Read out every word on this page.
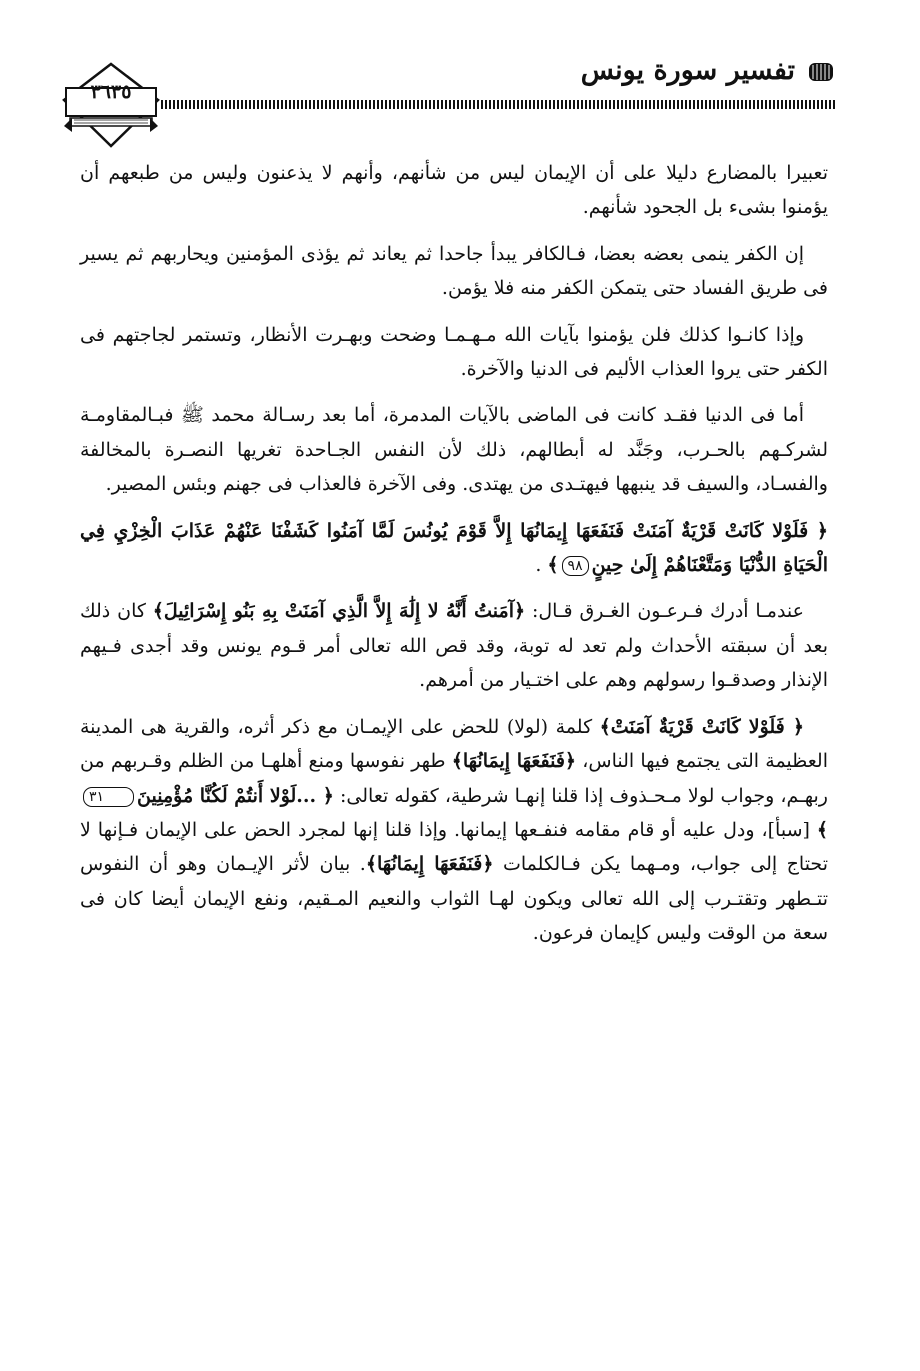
تفسير سورة يونس
٣٦٣٥

تعبيرا بالمضارع دليلا على أن الإيمان ليس من شأنهم، وأنهم لا يذعنون وليس من طبعهم أن يؤمنوا بشىء بل الجحود شأنهم.

إن الكفر ينمى بعضه بعضا، فـالكافر يبدأ جاحدا ثم يعاند ثم يؤذى المؤمنين ويحاربهم ثم يسير فى طريق الفساد حتى يتمكن الكفر منه فلا يؤمن.

وإذا كانـوا كذلك فلن يؤمنوا بآيات الله مـهـمـا وضحت وبهـرت الأنظار، وتستمر لجاجتهم فى الكفر حتى يروا العذاب الأليم فى الدنيا والآخرة.

أما فى الدنيا فقـد كانت فى الماضى بالآيات المدمرة، أما بعد رسـالة محمد ﷺ فبـالمقاومـة لشركـهم بالحـرب، وجَنَّد له أبطالهم، ذلك لأن النفس الجـاحدة تغريها النصـرة بالمخالفة والفسـاد، والسيف قد ينبهها فيهتـدى من يهتدى. وفى الآخرة فالعذاب فى جهنم وبئس المصير.

﴿ فَلَوْلا كَانَتْ قَرْيَةٌ آمَنَتْ فَنَفَعَهَا إِيمَانُهَا إِلاَّ قَوْمَ يُونُسَ لَمَّا آمَنُوا كَشَفْنَا عَنْهُمْ عَذَابَ الْخِزْيِ فِي الْحَيَاةِ الدُّنْيَا وَمَتَّعْنَاهُمْ إِلَىٰ حِينٍ٩٨﴾ .

عندمـا أدرك فـرعـون الغـرق قـال: ﴿آمَنتُ أَنَّهُ لا إِلَٰهَ إِلاَّ الَّذِي آمَنَتْ بِهِ بَنُو إِسْرَائِيلَ﴾ كان ذلك بعد أن سبقته الأحداث ولم تعد له توبة، وقد قص الله تعالى أمر قـوم يونس وقد أجدى فـيهم الإنذار وصدقـوا رسولهم وهم على اختـيار من أمرهم.

﴿ فَلَوْلا كَانَتْ قَرْيَةٌ آمَنَتْ﴾ كلمة (لولا) للحض على الإيمـان مع ذكر أثره، والقرية هى المدينة العظيمة التى يجتمع فيها الناس، ﴿فَنَفَعَهَا إِيمَانُهَا﴾ طهر نفوسها ومنع أهلهـا من الظلم وقـربهم من ربهـم، وجواب لولا مـحـذوف إذا قلنا إنهـا شرطية، كقوله تعالى: ﴿ ...لَوْلا أَنتُمْ لَكُنَّا مُؤْمِنِينَ٣١﴾ [سبأ]، ودل عليه أو قام مقامه فنفـعها إيمانها. وإذا قلنا إنها لمجرد الحض على الإيمان فـإنها لا تحتاج إلى جواب، ومـهما يكن فـالكلمات ﴿فَنَفَعَهَا إِيمَانُهَا﴾. بيان لأثر الإيـمان وهو أن النفوس تتـطهر وتقتـرب إلى الله تعالى ويكون لهـا الثواب والنعيم المـقيم، ونفع الإيمان أيضا كان فى سعة من الوقت وليس كإيمان فرعون.
